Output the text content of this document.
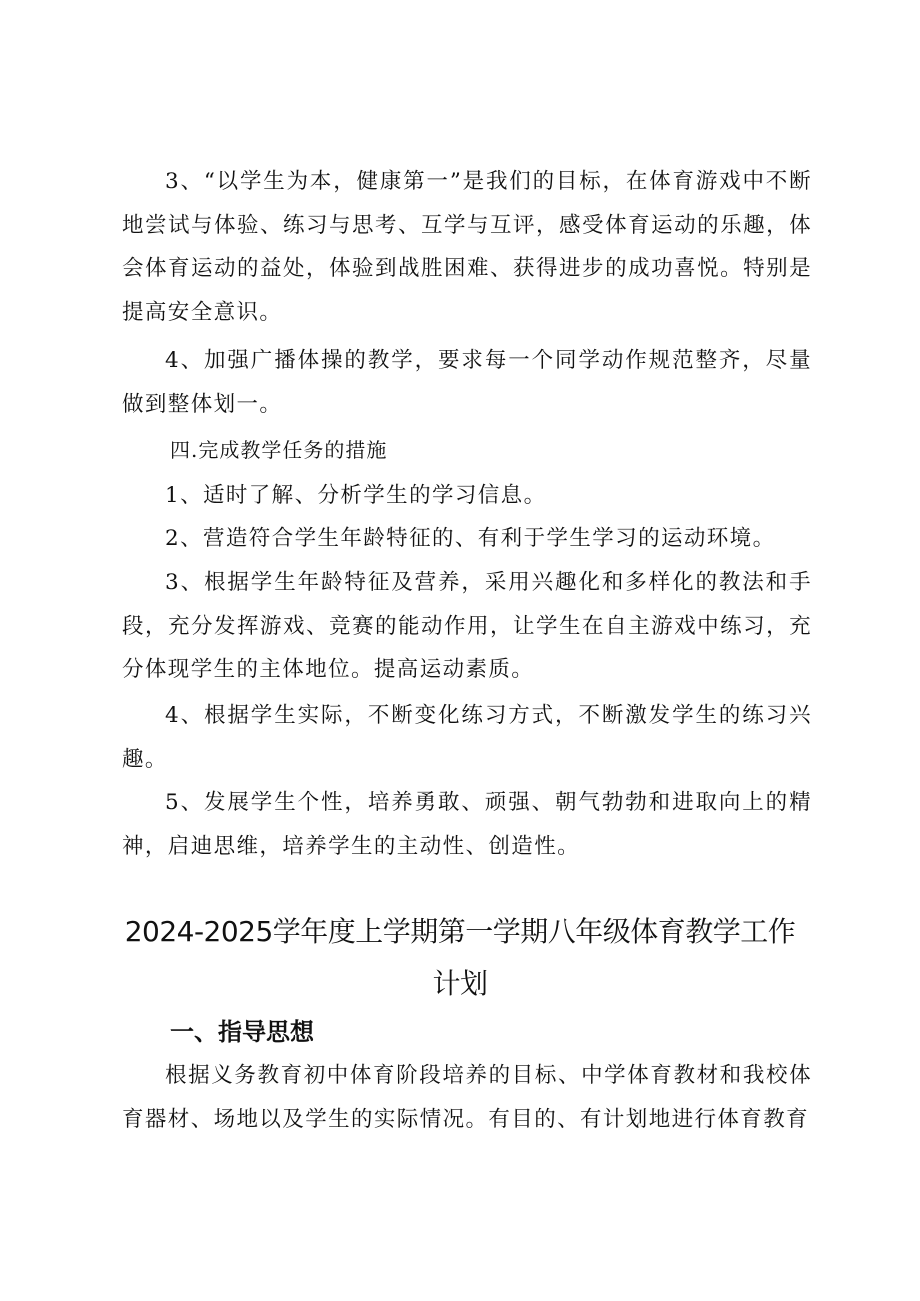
3、“以学生为本，健康第一”是我们的目标，在体育游戏中不断地尝试与体验、练习与思考、互学与互评，感受体育运动的乐趣，体会体育运动的益处，体验到战胜困难、获得进步的成功喜悦。特别是提高安全意识。

4、加强广播体操的教学，要求每一个同学动作规范整齐，尽量做到整体划一。

四.完成教学任务的措施

1、适时了解、分析学生的学习信息。

2、营造符合学生年龄特征的、有利于学生学习的运动环境。

3、根据学生年龄特征及营养，采用兴趣化和多样化的教法和手段，充分发挥游戏、竞赛的能动作用，让学生在自主游戏中练习，充分体现学生的主体地位。提高运动素质。

4、根据学生实际，不断变化练习方式，不断激发学生的练习兴趣。

5、发展学生个性，培养勇敢、顽强、朝气勃勃和进取向上的精神，启迪思维，培养学生的主动性、创造性。

2024-2025学年度上学期第一学期八年级体育教学工作
计划
一、指导思想

根据义务教育初中体育阶段培养的目标、中学体育教材和我校体育器材、场地以及学生的实际情况。有目的、有计划地进行体育教育
